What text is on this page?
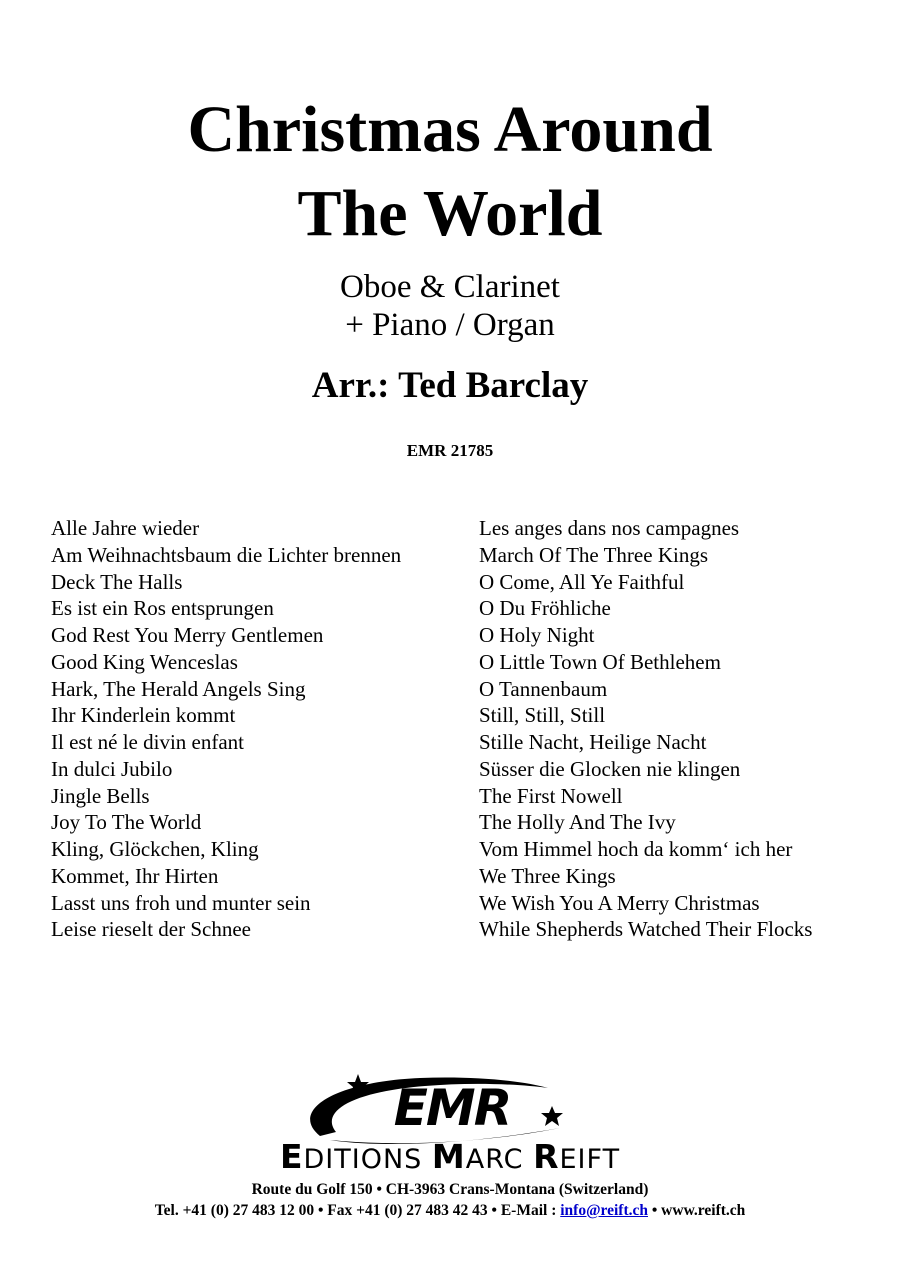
Christmas Around
The World
Oboe & Clarinet
+ Piano / Organ
Arr.: Ted Barclay
EMR 21785
Alle Jahre wieder
Am Weihnachtsbaum die Lichter brennen
Deck The Halls
Es ist ein Ros entsprungen
God Rest You Merry Gentlemen
Good King Wenceslas
Hark, The Herald Angels Sing
Ihr Kinderlein kommt
Il est né le divin enfant
In dulci Jubilo
Jingle Bells
Joy To The World
Kling, Glöckchen, Kling
Kommet, Ihr Hirten
Lasst uns froh und munter sein
Leise rieselt der Schnee
Les anges dans nos campagnes
March Of The Three Kings
O Come, All Ye Faithful
O Du Fröhliche
O Holy Night
O Little Town Of Bethlehem
O Tannenbaum
Still, Still, Still
Stille Nacht, Heilige Nacht
Süsser die Glocken nie klingen
The First Nowell
The Holly And The Ivy
Vom Himmel hoch da komm‘ ich her
We Three Kings
We Wish You A Merry Christmas
While Shepherds Watched Their Flocks
EMR
EDITIONS MARC REIFT
Route du Golf 150 • CH-3963 Crans-Montana (Switzerland)
Tel. +41 (0) 27 483 12 00 • Fax +41 (0) 27 483 42 43 • E-Mail : info@reift.ch • www.reift.ch
